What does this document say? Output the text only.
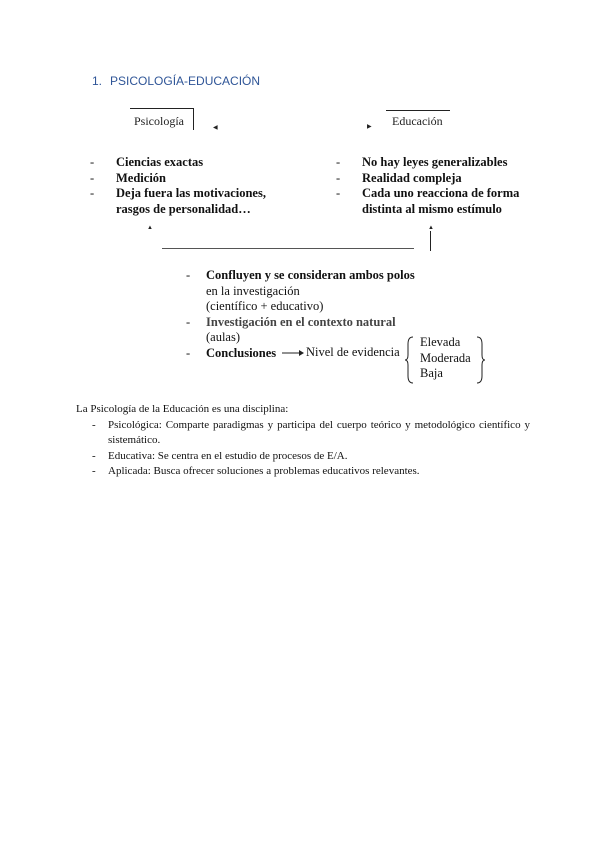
1. PSICOLOGÍA-EDUCACIÓN
Psicología	Educación
◀	▶
-	Ciencias exactas
-	Medición
-	Deja fuera las motivaciones,
rasgos de personalidad…
-	No hay leyes generalizables
-	Realidad compleja
-	Cada uno reacciona de forma
distinta al mismo estímulo
▲	▲
-	Confluyen y se consideran ambos polos
en la investigación
(científico + educativo)
-	Investigación en el contexto natural
(aulas)
-	Conclusiones Nivel de evidencia
Elevada
Moderada
Baja
La Psicología de la Educación es una disciplina:
-	Psicológica: Comparte paradigmas y participa del cuerpo teórico y metodológico científico y sistemático.
-	Educativa: Se centra en el estudio de procesos de E/A.
-	Aplicada: Busca ofrecer soluciones a problemas educativos relevantes.
